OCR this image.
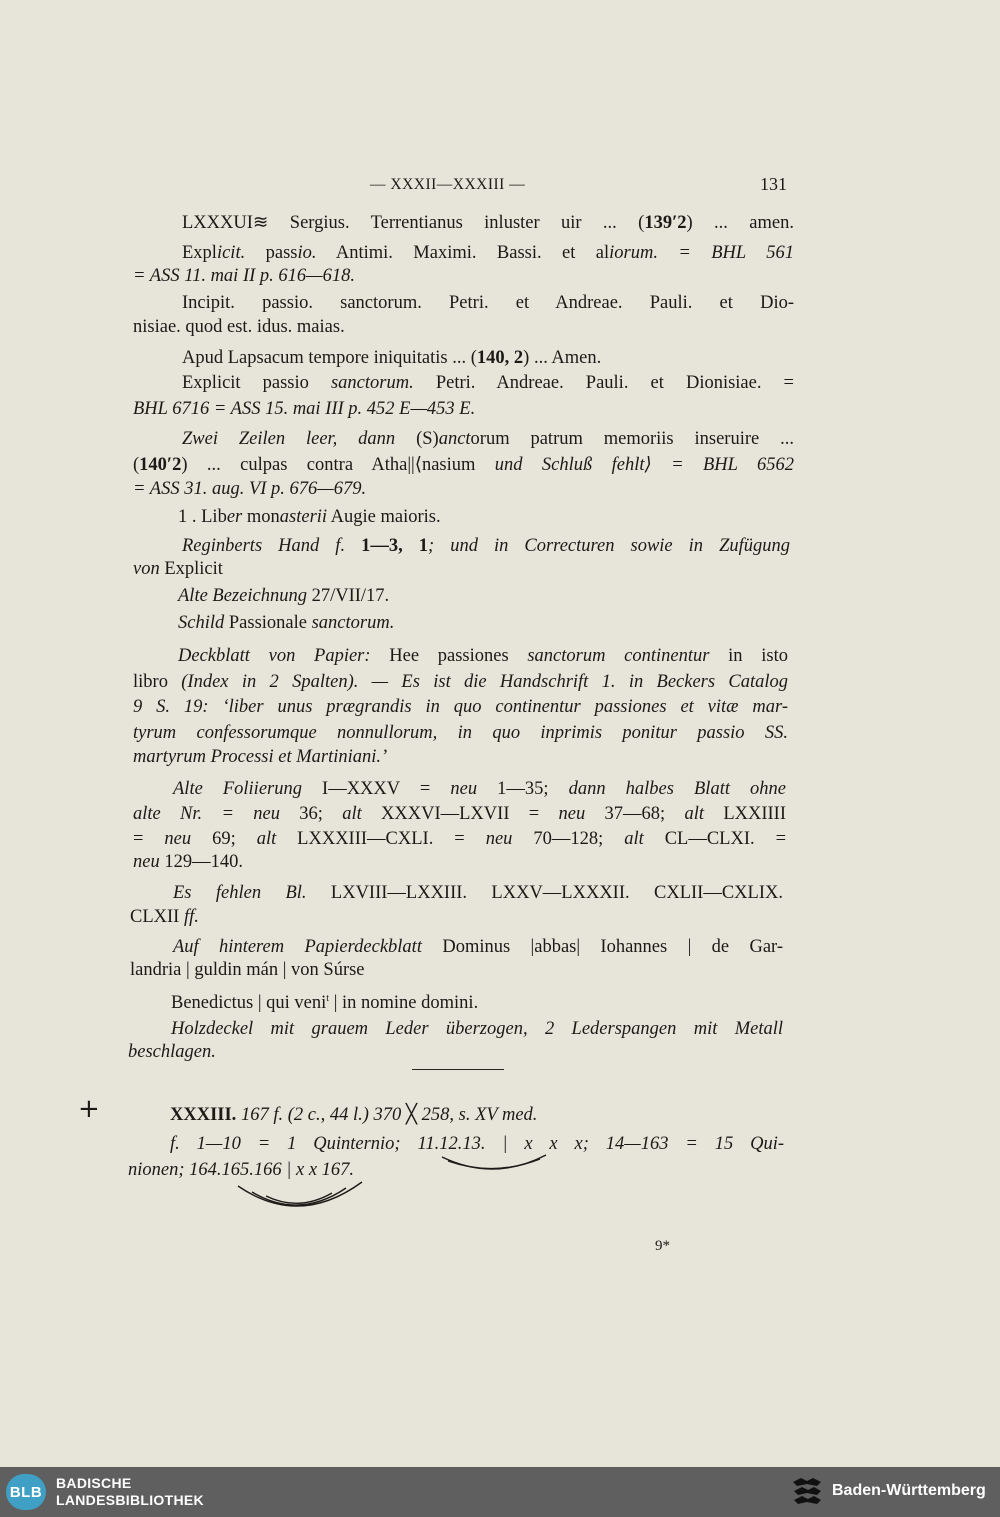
— XXXII—XXXIII —	131
LXXXUI≋ Sergius. Terrentianus inluster uir ... (139′2) ... amen.
Explicit. passio. Antimi. Maximi. Bassi. et aliorum. = BHL 561
= ASS 11. mai II p. 616—618.
Incipit. passio. sanctorum. Petri. et Andreae. Pauli. et Dio-
nisiae. quod est. idus. maias.
Apud Lapsacum tempore iniquitatis ... (140, 2) ... Amen.
Explicit passio sanctorum. Petri. Andreae. Pauli. et Dionisiae. =
BHL 6716 = ASS 15. mai III p. 452 E—453 E.
Zwei Zeilen leer, dann (S)anctorum patrum memoriis inseruire ...
(140′2) ... culpas contra Atha||⟨nasium und Schluß fehlt⟩ = BHL 6562
= ASS 31. aug. VI p. 676—679.
1 . Liber monasterii Augie maioris.
Reginberts Hand f. 1—3, 1; und in Correcturen sowie in Zufügung
von Explicit
Alte Bezeichnung 27/VII/17.
Schild Passionale sanctorum.
Deckblatt von Papier: Hee passiones sanctorum continentur in isto
libro (Index in 2 Spalten). — Es ist die Handschrift 1. in Beckers Catalog
9 S. 19: ʻliber unus prægrandis in quo continentur passiones et vitæ mar-
tyrum confessorumque nonnullorum, in quo inprimis ponitur passio SS.
martyrum Processi et Martiniani.ʼ
Alte Foliierung I—XXXV = neu 1—35; dann halbes Blatt ohne
alte Nr. = neu 36; alt XXXVI—LXVII = neu 37—68; alt LXXIIII
= neu 69; alt LXXXIII—CXLI. = neu 70—128; alt CL—CLXI. =
neu 129—140.
Es fehlen Bl. LXVIII—LXXIII. LXXV—LXXXII. CXLII—CXLIX.
CLXII ff.
Auf hinterem Papierdeckblatt Dominus |abbas| Iohannes | de Gar-
landria | guldin mán | von Súrse
Benedictus | qui veni$^t$ | in nomine domini.
Holzdeckel mit grauem Leder überzogen, 2 Lederspangen mit Metall
beschlagen.
+	XXXIII. 167 f. (2 c., 44 l.) 370 ╳ 258, s. XV med.
f. 1—10 = 1 Quinternio; 11.12.13. | x x x; 14—163 = 15 Qui-
nionen; 164.165.166 | x x 167.
9*
BLB
BADISCHE
LANDESBIBLIOTHEK
Baden-Württemberg
